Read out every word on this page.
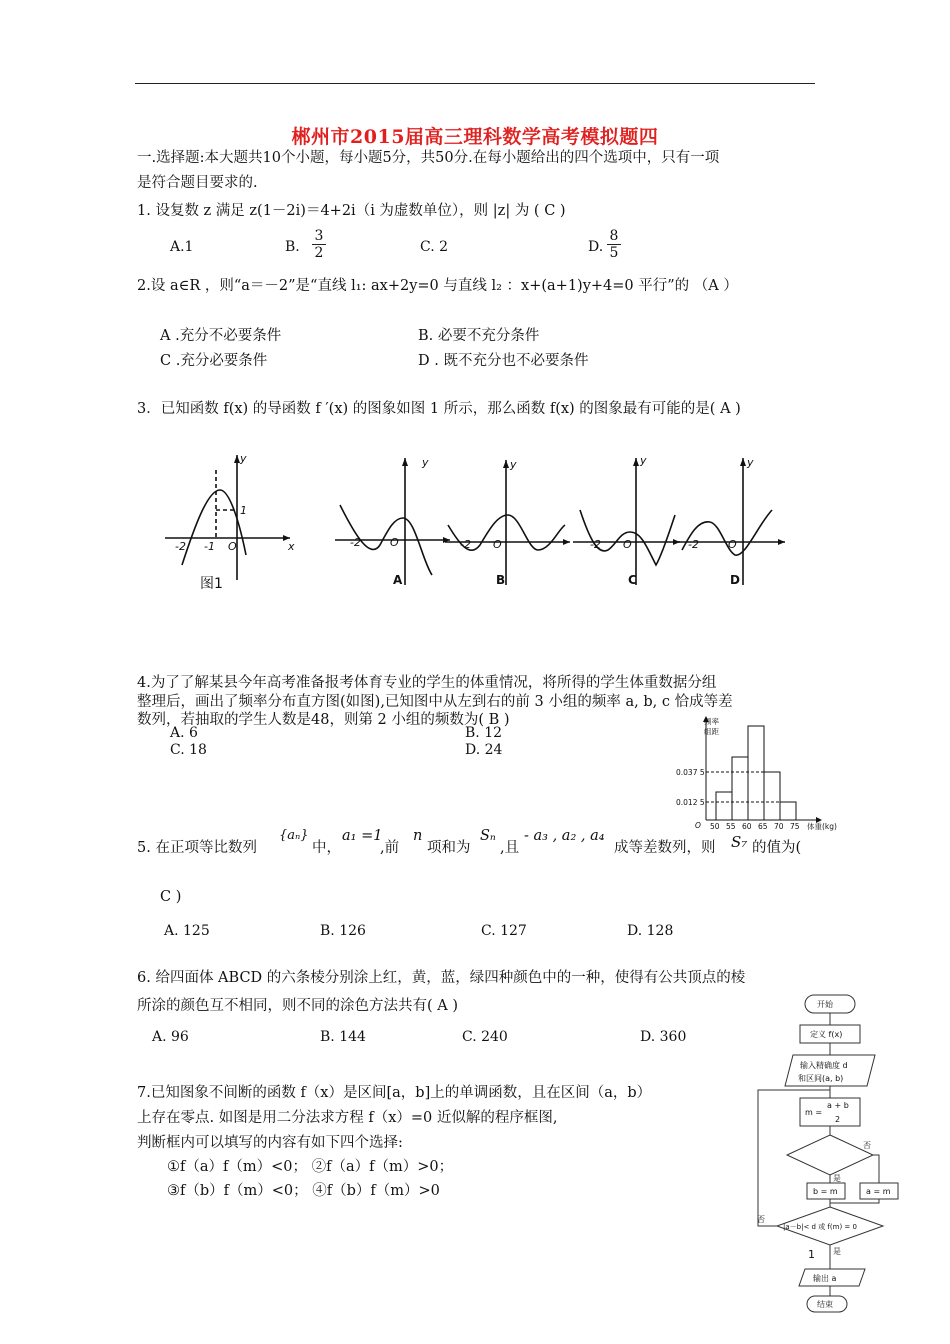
郴州市2015届高三理科数学高考模拟题四
一.选择题:本大题共10个小题，每小题5分，共50分.在每小题给出的四个选项中，只有一项
是符合题目要求的.
1. 设复数 z 满足 z(1－2i)＝4+2i（i 为虚数单位），则 |z| 为 ( C )
A.1	B.
3
2	C. 2	D.
8
5
2.设 a∈R ，则“a＝－2”是“直线 l₁: ax+2y=0 与直线 l₂ ：x+(a+1)y+4=0 平行”的 （A ）
A .充分不必要条件	B. 必要不充分条件
C .充分必要条件	D . 既不充分也不必要条件
3．已知函数 f(x) 的导函数 f ′(x) 的图象如图 1 所示，那么函数 f(x) 的图象最有可能的是( A )
y
x
O
-2 -1
1
y
-2	O
y
-2 O
y
-2 O
y
-2	O
A	B	C	D
图1
4.为了了解某县今年高考准备报考体育专业的学生的体重情况，将所得的学生体重数据分组
整理后，画出了频率分布直方图(如图),已知图中从左到右的前 3 小组的频率 a, b, c 恰成等差
数列，若抽取的学生人数是48，则第 2 小组的频数为( B )
A. 6	B. 12
C. 18	D. 24
频率
组距
0.037 5
0.012 5
O 50 55 60 65 70 75 体重(kg)
5. 在正项等比数列
{aₙ}
中，
a₁ =1
,前
n
项和为
Sₙ
,且
- a₃ , a₂ , a₄
成等差数列，则 S₇ 的值为(
C )
A. 125	B. 126	C. 127	D. 128
6. 给四面体 ABCD 的六条棱分别涂上红，黄，蓝，绿四种颜色中的一种，使得有公共顶点的棱
所涂的颜色互不相同，则不同的涂色方法共有( A )
A. 96	B. 144	C. 240	D. 360
7.已知图象不间断的函数 f（x）是区间[a，b]上的单调函数，且在区间（a，b）
上存在零点. 如图是用二分法求方程 f（x）=0 近似解的程序框图,
判断框内可以填写的内容有如下四个选择:
①f（a）f（m）<0； ②f（a）f（m）>0；
③f（b）f（m）<0； ④f（b）f（m）>0
开始
定义 f(x)
输入精确度 d
和区间(a, b)
a + b
m =
2
否
是
b = m	a = m
否
|a－b|< d 或 f(m) = 0
是
1
输出 a
结束
